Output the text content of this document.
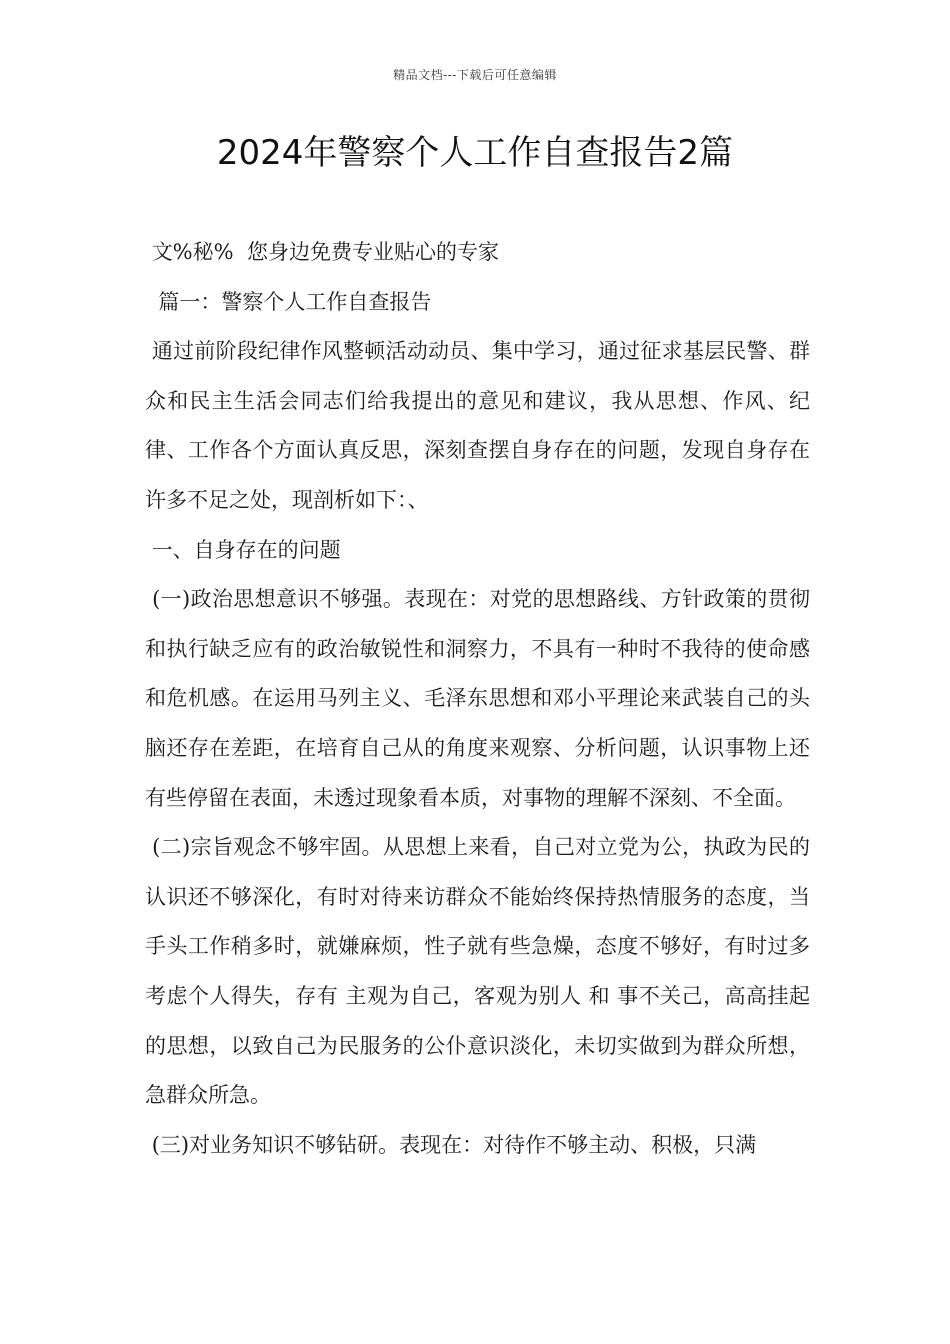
精品文档---下载后可任意编辑
2024年警察个人工作自查报告2篇

文%秘%  您身边免费专业贴心的专家

篇一：警察个人工作自查报告

通过前阶段纪律作风整顿活动动员、集中学习，通过征求基层民警、群众和民主生活会同志们给我提出的意见和建议，我从思想、作风、纪律、工作各个方面认真反思，深刻查摆自身存在的问题，发现自身存在许多不足之处，现剖析如下：、

一、自身存在的问题

(一)政治思想意识不够强。表现在：对党的思想路线、方针政策的贯彻和执行缺乏应有的政治敏锐性和洞察力，不具有一种时不我待的使命感和危机感。在运用马列主义、毛泽东思想和邓小平理论来武装自己的头脑还存在差距，在培育自己从的角度来观察、分析问题，认识事物上还有些停留在表面，未透过现象看本质，对事物的理解不深刻、不全面。

(二)宗旨观念不够牢固。从思想上来看，自己对立党为公，执政为民的认识还不够深化，有时对待来访群众不能始终保持热情服务的态度，当手头工作稍多时，就嫌麻烦，性子就有些急燥，态度不够好，有时过多考虑个人得失，存有 主观为自己，客观为别人 和 事不关己，高高挂起 的思想，以致自己为民服务的公仆意识淡化，未切实做到为群众所想，急群众所急。

(三)对业务知识不够钻研。表现在：对待作不够主动、积极，只满
